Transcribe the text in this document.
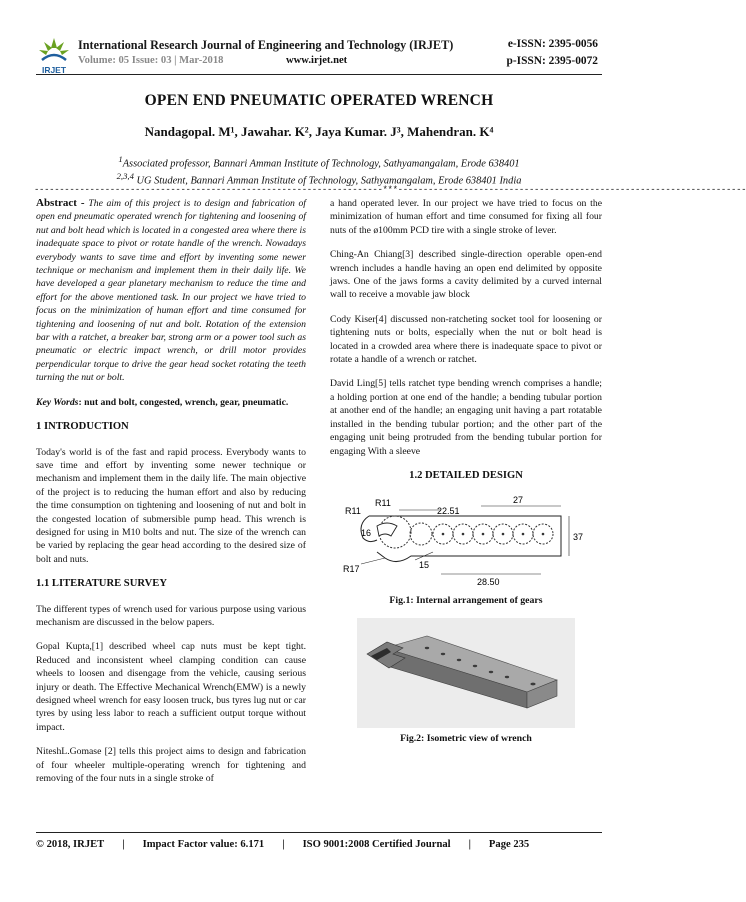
IRJET
International Research Journal of Engineering and Technology (IRJET)	e-ISSN: 2395-0056
Volume: 05 Issue: 03 | Mar-2018	www.irjet.net	p-ISSN: 2395-0072
OPEN END PNEUMATIC OPERATED WRENCH
Nandagopal. M¹, Jawahar. K², Jaya Kumar. J³, Mahendran. K⁴
$^1$Associated professor, Bannari Amman Institute of Technology, Sathyamangalam, Erode 638401
$^{2,3,4}$ UG Student, Bannari Amman Institute of Technology, Sathyamangalam, Erode 638401 India
---------------------------------------------------------------------***---------------------------------------------------------------------

Abstract - The aim of this project is to design and fabrication of open end pneumatic operated wrench for tightening and loosening of nut and bolt head which is located in a congested area where there is inadequate space to pivot or rotate handle of the wrench. Nowadays everybody wants to save time and effort by inventing some newer technique or mechanism and implement them in their daily life. We have developed a gear planetary mechanism to reduce the time and effort for the above mentioned task. In our project we have tried to focus on the minimization of human effort and time consumed for tightening and loosening of nut and bolt. Rotation of the extension bar with a ratchet, a breaker bar, strong arm or a power tool such as pneumatic or electric impact wrench, or drill motor provides perpendicular torque to drive the gear head socket rotating the teeth turning the nut or bolt.

Key Words: nut and bolt, congested, wrench, gear, pneumatic.

1 INTRODUCTION

Today's world is of the fast and rapid process. Everybody wants to save time and effort by inventing some newer technique or mechanism and implement them in the daily life. The main objective of the project is to reducing the human effort and also by reducing the time consumption on tightening and loosening of nut and bolt in the congested location of submersible pump head. This wrench is designed for using in M10 bolts and nut. The size of the wrench can be varied by replacing the gear head according to the desired size of bolt and nuts.

1.1 LITERATURE SURVEY

The different types of wrench used for various purpose using various mechanism are discussed in the below papers.

Gopal Kupta,[1] described wheel cap nuts must be kept tight. Reduced and inconsistent wheel clamping condition can cause wheels to loosen and disengage from the vehicle, causing serious injury or death. The Effective Mechanical Wrench(EMW) is a newly designed wheel wrench for easy loosen truck, bus tyres lug nut or car tyres by using less labor to reach a sufficient output torque without impact.

NiteshL.Gomase [2] tells this project aims to design and fabrication of four wheeler multiple-operating wrench for tightening and removing of the four nuts in a single stroke of

a hand operated lever. In our project we have tried to focus on the minimization of human effort and time consumed for fixing all four nuts of the ø100mm PCD tire with a single stroke of lever.

Ching-An Chiang[3] described single-direction operable open-end wrench includes a handle having an open end delimited by opposite jaws. One of the jaws forms a cavity delimited by a curved internal wall to receive a movable jaw block

Cody Kiser[4] discussed non-ratcheting socket tool for loosening or tightening nuts or bolts, especially when the nut or bolt head is located in a crowded area where there is inadequate space to pivot or rotate a handle of a wrench or ratchet.

David Ling[5] tells ratchet type bending wrench comprises a handle; a holding portion at one end of the handle; a bending tubular portion at another end of the handle; an engaging unit having a part rotatable installed in the bending tubular portion; and the other part of the engaging unit being protruded from the bending tubular portion for engaging With a sleeve

1.2 DETAILED DESIGN
R11
R11
22.51
27
16	37
R17	15
28.50
Fig.1: Internal arrangement of gears
Fig.2: Isometric view of wrench
© 2018, IRJET | Impact Factor value: 6.171 | ISO 9001:2008 Certified Journal | Page 235
